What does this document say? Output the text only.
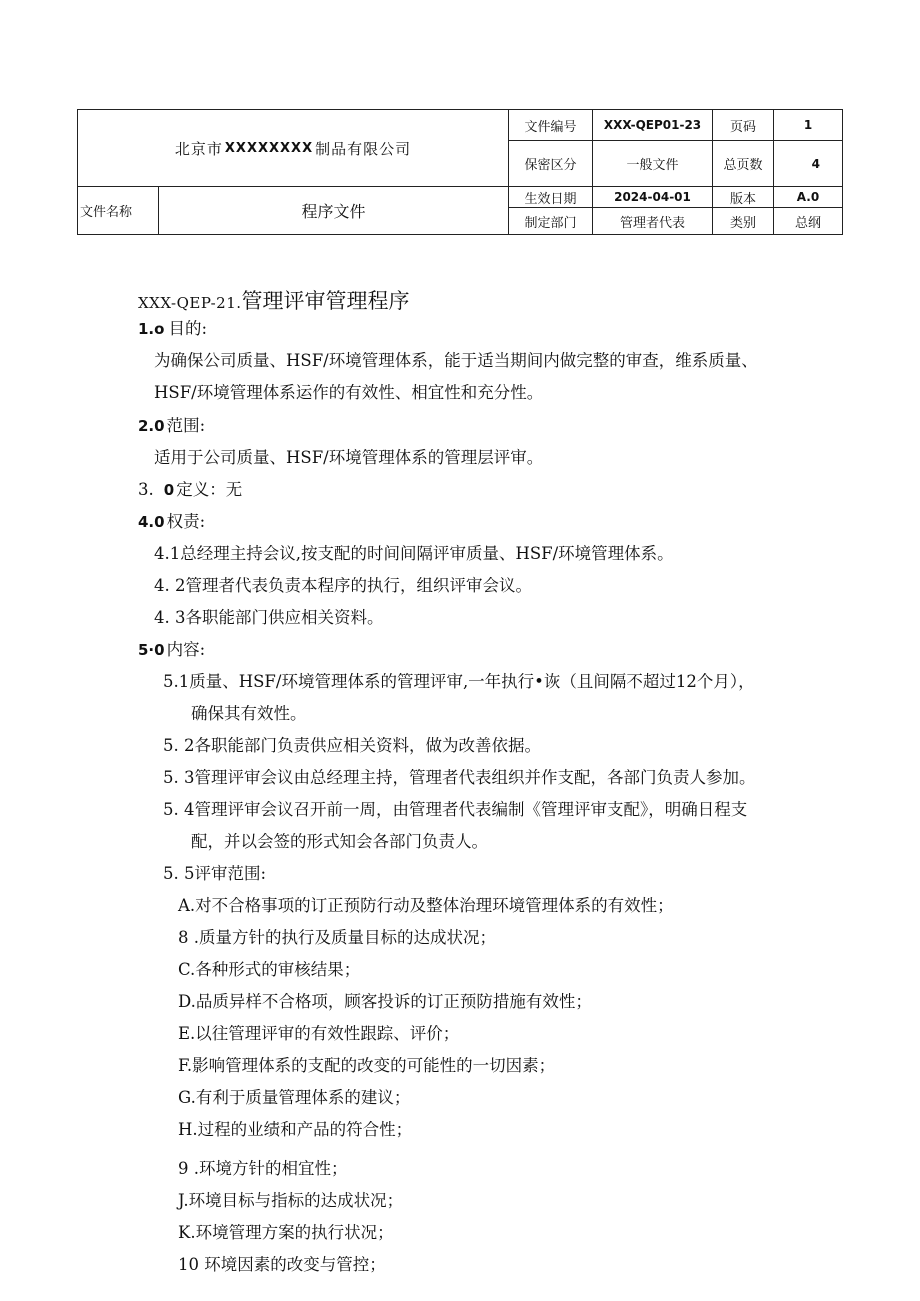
北京市 XXXXXXXX 制品有限公司
文件编号	XXX-QEP01-23	页码	1
保密区分	一般文件	总页数	4
文件名称	程序文件
生效日期	2024-04-01	版本	A.0
制定部门	管理者代表	类别	总纲
XXX-QEP-21.管理评审管理程序
1.o 目的:
为确保公司质量、HSF/环境管理体系，能于适当期间内做完整的审查，维系质量、
HSF/环境管理体系运作的有效性、相宜性和充分性。
2.0 范围:
适用于公司质量、HSF/环境管理体系的管理层评审。
3. 0 定义：无
4.0 权责:
4.1总经理主持会议,按支配的时间间隔评审质量、HSF/环境管理体系。
4. 2管理者代表负责本程序的执行，组织评审会议。
4. 3各职能部门供应相关资料。
5·0 内容:
5.1质量、HSF/环境管理体系的管理评审,一年执行•诙（且间隔不超过12个月），
确保其有效性。
5. 2各职能部门负责供应相关资料，做为改善依据。
5. 3管理评审会议由总经理主持，管理者代表组织并作支配，各部门负责人参加。
5. 4管理评审会议召开前一周，由管理者代表编制《管理评审支配》，明确日程支
配，并以会签的形式知会各部门负责人。
5. 5评审范围:
A.对不合格事项的订正预防行动及整体治理环境管理体系的有效性；
8 .质量方针的执行及质量目标的达成状况；
C.各种形式的审核结果；
D.品质异样不合格项，顾客投诉的订正预防措施有效性；
E.以往管理评审的有效性跟踪、评价；
F.影响管理体系的支配的改变的可能性的一切因素；
G.有利于质量管理体系的建议；
H.过程的业绩和产品的符合性；
9 .环境方针的相宜性；
J.环境目标与指标的达成状况；
K.环境管理方案的执行状况；
10 环境因素的改变与管控；
